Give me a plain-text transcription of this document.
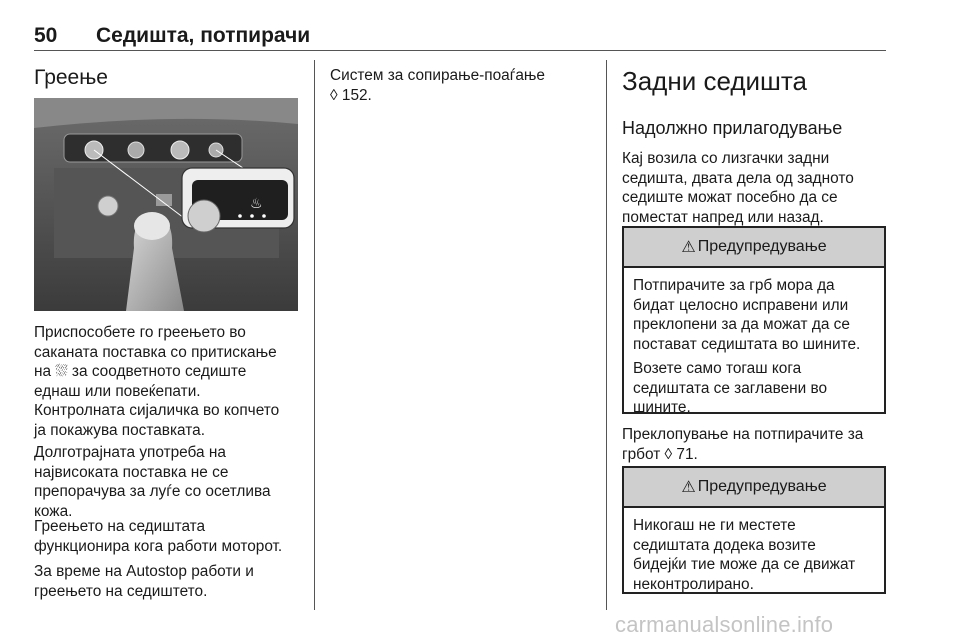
50 Седишта, потпирачи
Греење
♨
Приспособете го греењето во
саканата поставка со притискање
на ⛆ за соодветното седиште
еднаш или повеќепати.
Контролната сијаличка во копчето
ја покажува поставката.
Долготрајната употреба на
највисоката поставка не се
препорачува за луѓе со осетлива
кожа.
Греењето на седиштата
функционира кога работи моторот.
За време на Autostop работи и
греењето на седиштето.
Систем за сопирање-поаѓање
◊ 152.	Задни седишта
Надолжно прилагодување
Кај возила со лизгачки задни
седишта, двата дела од задното
седиште можат посебно да се
поместат напред или назад.
⚠ Предупредување
Потпирачите за грб мора да
бидат целосно исправени или
преклопени за да можат да се
поставaт седиштата во шините.
Возете само тогаш кога
седиштата се заглавени во
шините.
Преклопување на потпирачите за
грбот ◊ 71.
⚠ Предупредување
Никогаш не ги местете
седиштата додека возите
бидејќи тие може да се движат
неконтролирано.
carmanualsonline.info
